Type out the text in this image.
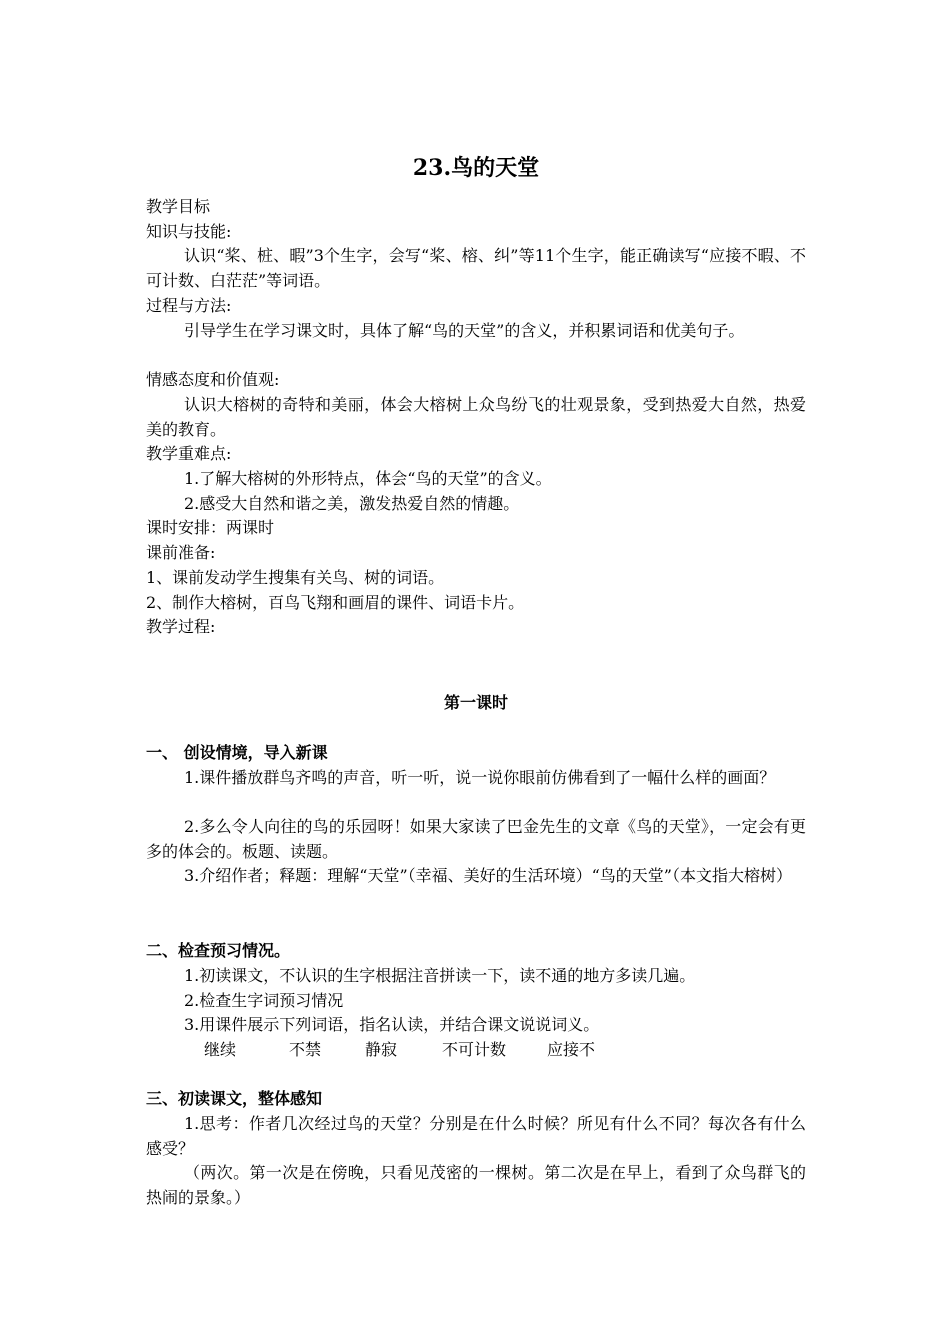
23.鸟的天堂
教学目标
知识与技能:
认识“桨、桩、暇”3个生字，会写“桨、榕、纠”等11个生字，能正确读写“应接不暇、不可计数、白茫茫”等词语。
过程与方法:
引导学生在学习课文时，具体了解“鸟的天堂”的含义，并积累词语和优美句子。
情感态度和价值观:
认识大榕树的奇特和美丽，体会大榕树上众鸟纷飞的壮观景象，受到热爱大自然，热爱美的教育。
教学重难点:
1.了解大榕树的外形特点，体会“鸟的天堂”的含义。
2.感受大自然和谐之美，激发热爱自然的情趣。
课时安排：两课时
课前准备:
1、课前发动学生搜集有关鸟、树的词语。
2、制作大榕树，百鸟飞翔和画眉的课件、词语卡片。
教学过程:
第一课时
一、 创设情境，导入新课
1.课件播放群鸟齐鸣的声音，听一听，说一说你眼前仿佛看到了一幅什么样的画面？
2.多么令人向往的鸟的乐园呀！如果大家读了巴金先生的文章《鸟的天堂》，一定会有更多的体会的。板题、读题。
3.介绍作者；释题：理解“天堂”（幸福、美好的生活环境）“鸟的天堂”（本文指大榕树）
二、检查预习情况。
1.初读课文，不认识的生字根据注音拼读一下，读不通的地方多读几遍。
2.检查生字词预习情况
3.用课件展示下列词语，指名认读，并结合课文说说词义。
继续	不禁	静寂	不可计数	应接不
三、初读课文，整体感知
1.思考：作者几次经过鸟的天堂？分别是在什么时候？所见有什么不同？每次各有什么感受？
（两次。第一次是在傍晚，只看见茂密的一棵树。第二次是在早上，看到了众鸟群飞的热闹的景象。）
